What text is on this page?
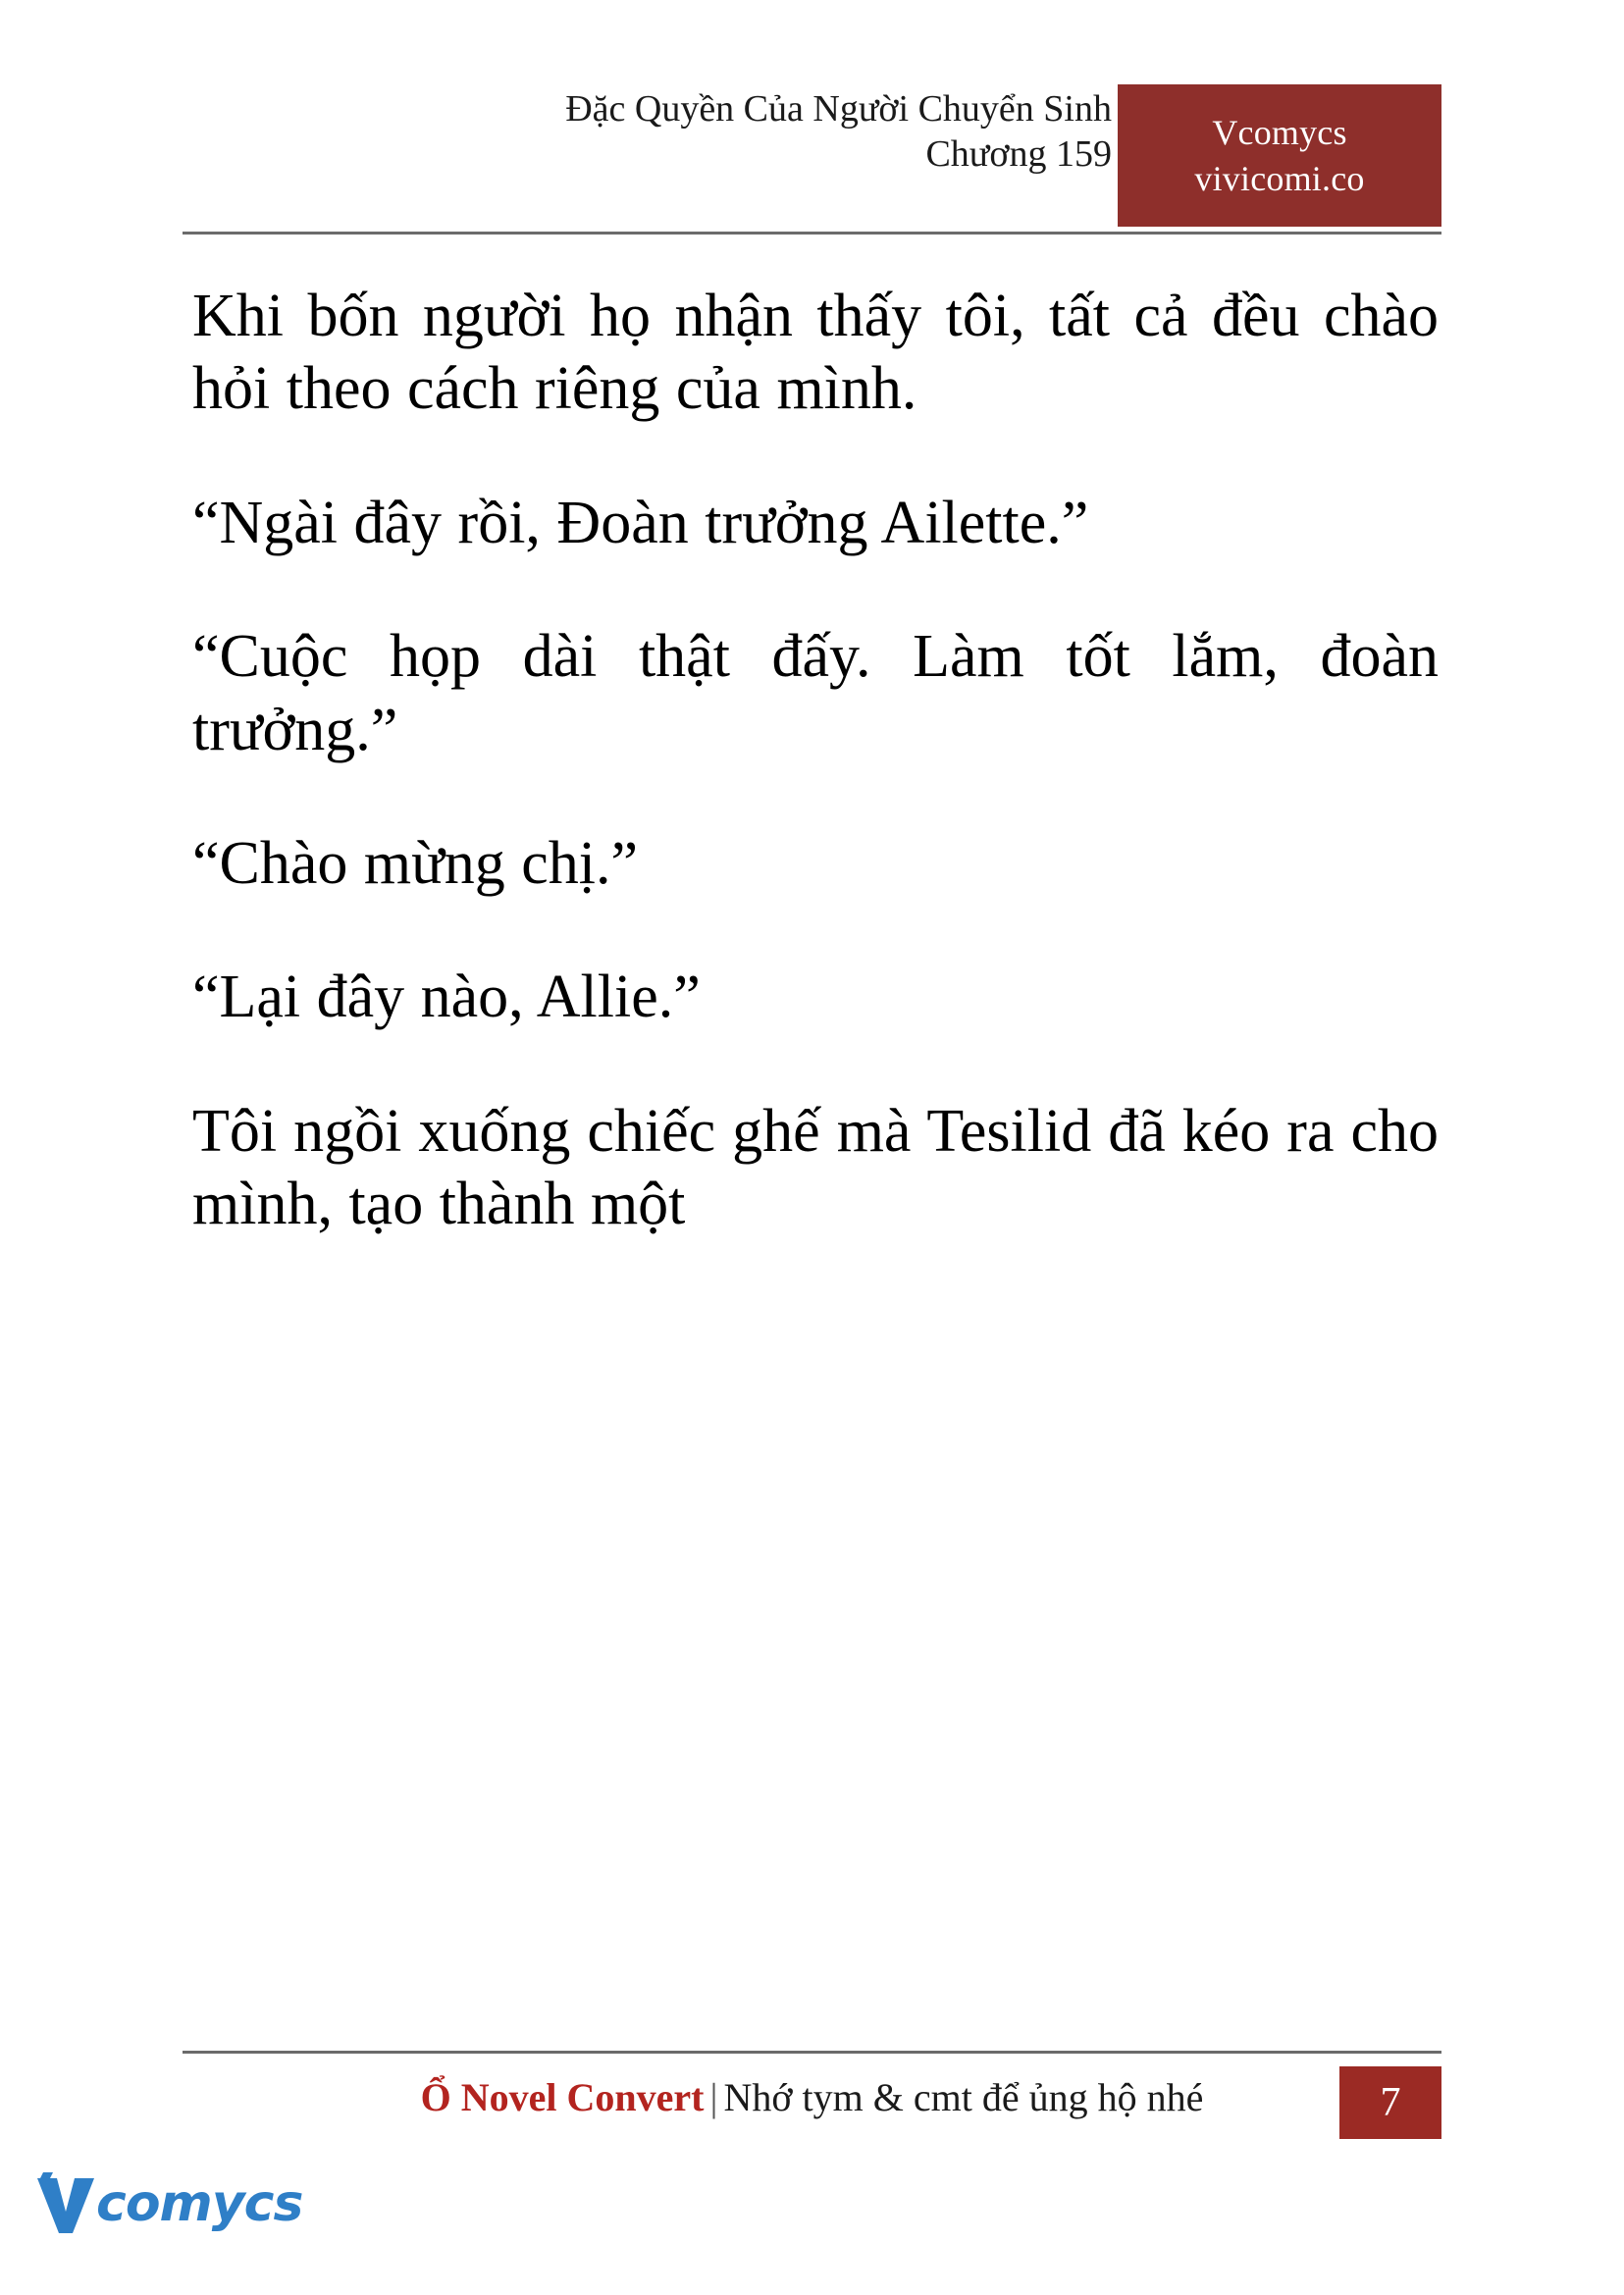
Đặc Quyền Của Người Chuyển Sinh
Chương 159
Vcomycs
vivicomi.co

Khi bốn người họ nhận thấy tôi, tất cả đều chào hỏi theo cách riêng của mình.

“Ngài đây rồi, Đoàn trưởng Ailette.”

“Cuộc họp dài thật đấy. Làm tốt lắm, đoàn trưởng.”

“Chào mừng chị.”

“Lại đây nào, Allie.”

Tôi ngồi xuống chiếc ghế mà Tesilid đã kéo ra cho mình, tạo thành một

Ổ Novel Convert | Nhớ tym & cmt để ủng hộ nhé	7
comycs
